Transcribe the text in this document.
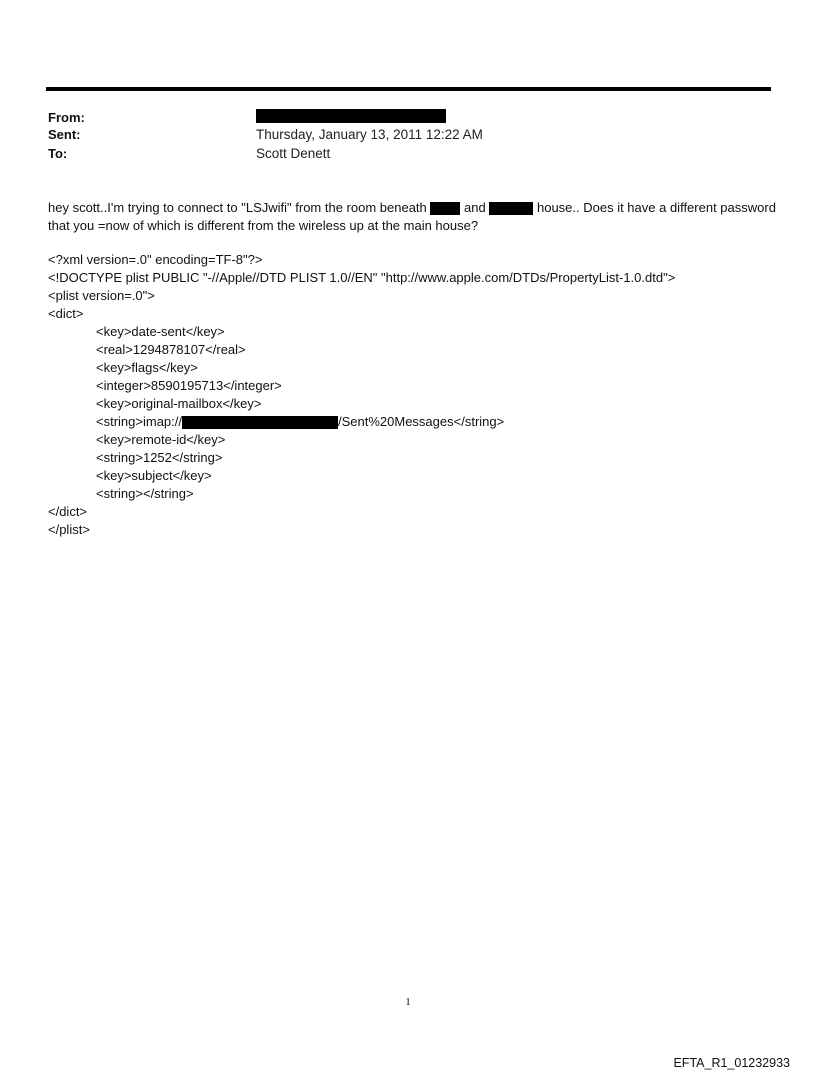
From:
Sent:	Thursday, January 13, 2011 12:22 AM
To:	Scott Denett
hey scott..I'm trying to connect to "LSJwifi" from the room beneath	and	house.. Does it have a different password that you =now of which is different from the wireless up at the main house?
<?xml version=.0" encoding=TF-8"?>
<!DOCTYPE plist PUBLIC "-//Apple//DTD PLIST 1.0//EN" "http://www.apple.com/DTDs/PropertyList-1.0.dtd">
<plist version=.0">
<dict>
<key>date-sent</key>
<real>1294878107</real>
<key>flags</key>
<integer>8590195713</integer>
<key>original-mailbox</key>
<string>imap://	/Sent%20Messages</string>
<key>remote-id</key>
<string>1252</string>
<key>subject</key>
<string></string>
</dict>
</plist>
1
EFTA_R1_01232933
